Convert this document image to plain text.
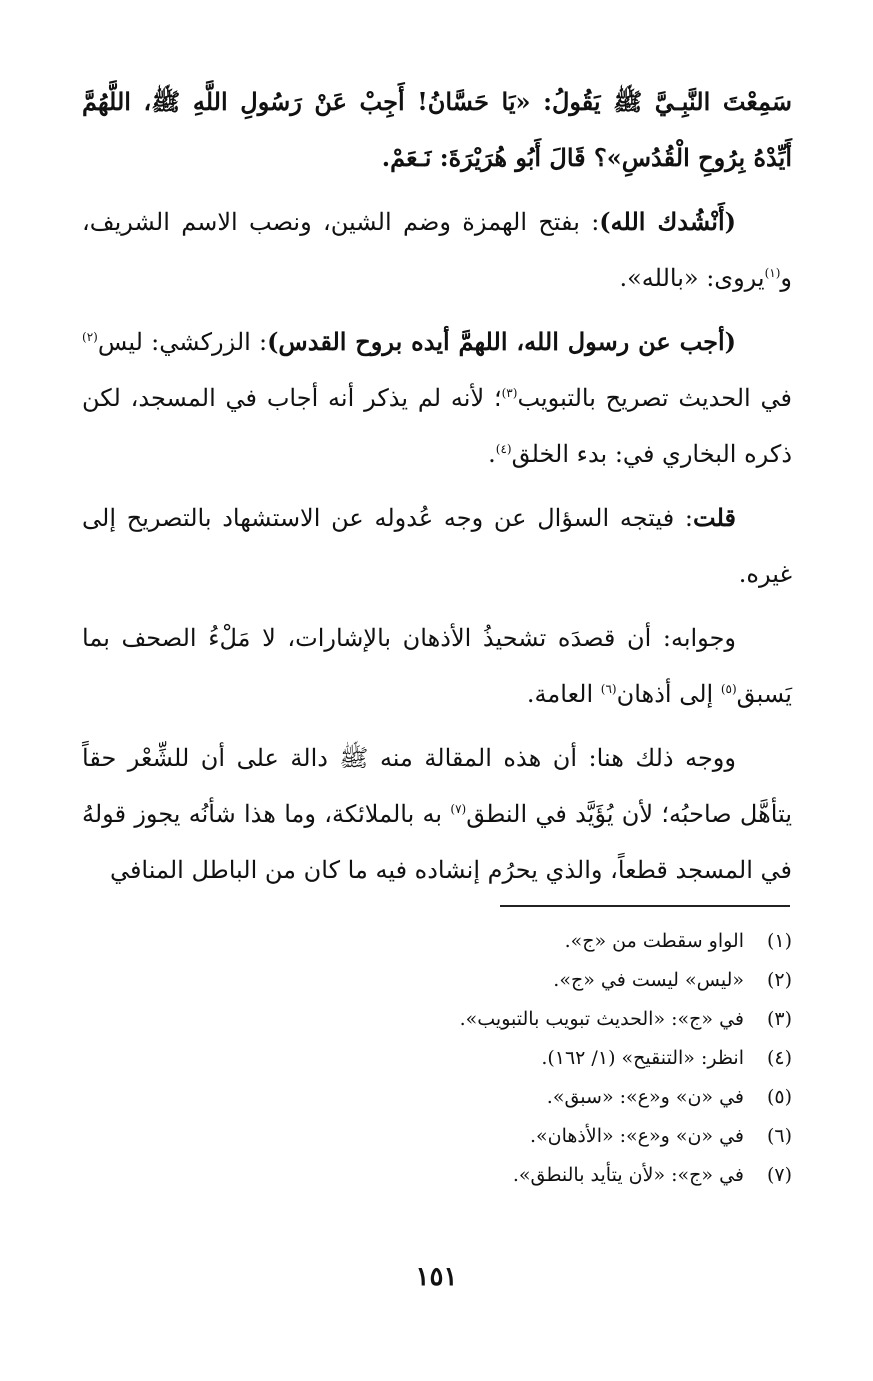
سَمِعْتَ النَّبِـيَّ ﷺ يَقُولُ: «يَا حَسَّانُ! أَجِبْ عَنْ رَسُولِ اللَّهِ ﷺ، اللَّهُمَّ أَيِّدْهُ بِرُوحِ الْقُدُسِ»؟ قَالَ أَبُو هُرَيْرَةَ: نَـعَمْ.

(أَنْشُدك الله): بفتح الهمزة وضم الشين، ونصب الاسم الشريف، و$^{(١)}$يروى: «بالله».

(أجب عن رسول الله، اللهمَّ أيده بروح القدس): الزركشي: ليس$^{(٢)}$ في الحديث تصريح بالتبويب$^{(٣)}$؛ لأنه لم يذكر أنه أجاب في المسجد، لكن ذكره البخاري في: بدء الخلق$^{(٤)}$.

قلت: فيتجه السؤال عن وجه عُدوله عن الاستشهاد بالتصريح إلى غيره.

وجوابه: أن قصدَه تشحيذُ الأذهان بالإشارات، لا مَلْءُ الصحف بما يَسبق$^{(٥)}$ إلى أذهان$^{(٦)}$ العامة.

ووجه ذلك هنا: أن هذه المقالة منه ﷺ دالة على أن للشِّعْر حقاً يتأهَّل صاحبُه؛ لأن يُؤَيَّد في النطق$^{(٧)}$ به بالملائكة، وما هذا شأنُه يجوز قولهُ في المسجد قطعاً، والذي يحرُم إنشاده فيه ما كان من الباطل المنافي

(١)
الواو سقطت من «ج».
(٢)
«ليس» ليست في «ج».
(٣)
في «ج»: «الحديث تبويب بالتبويب».
(٤)
انظر: «التنقيح» (١/ ١٦٢).
(٥)
في «ن» و«ع»: «سبق».
(٦)
في «ن» و«ع»: «الأذهان».
(٧)
في «ج»: «لأن يتأيد بالنطق».
١٥١
